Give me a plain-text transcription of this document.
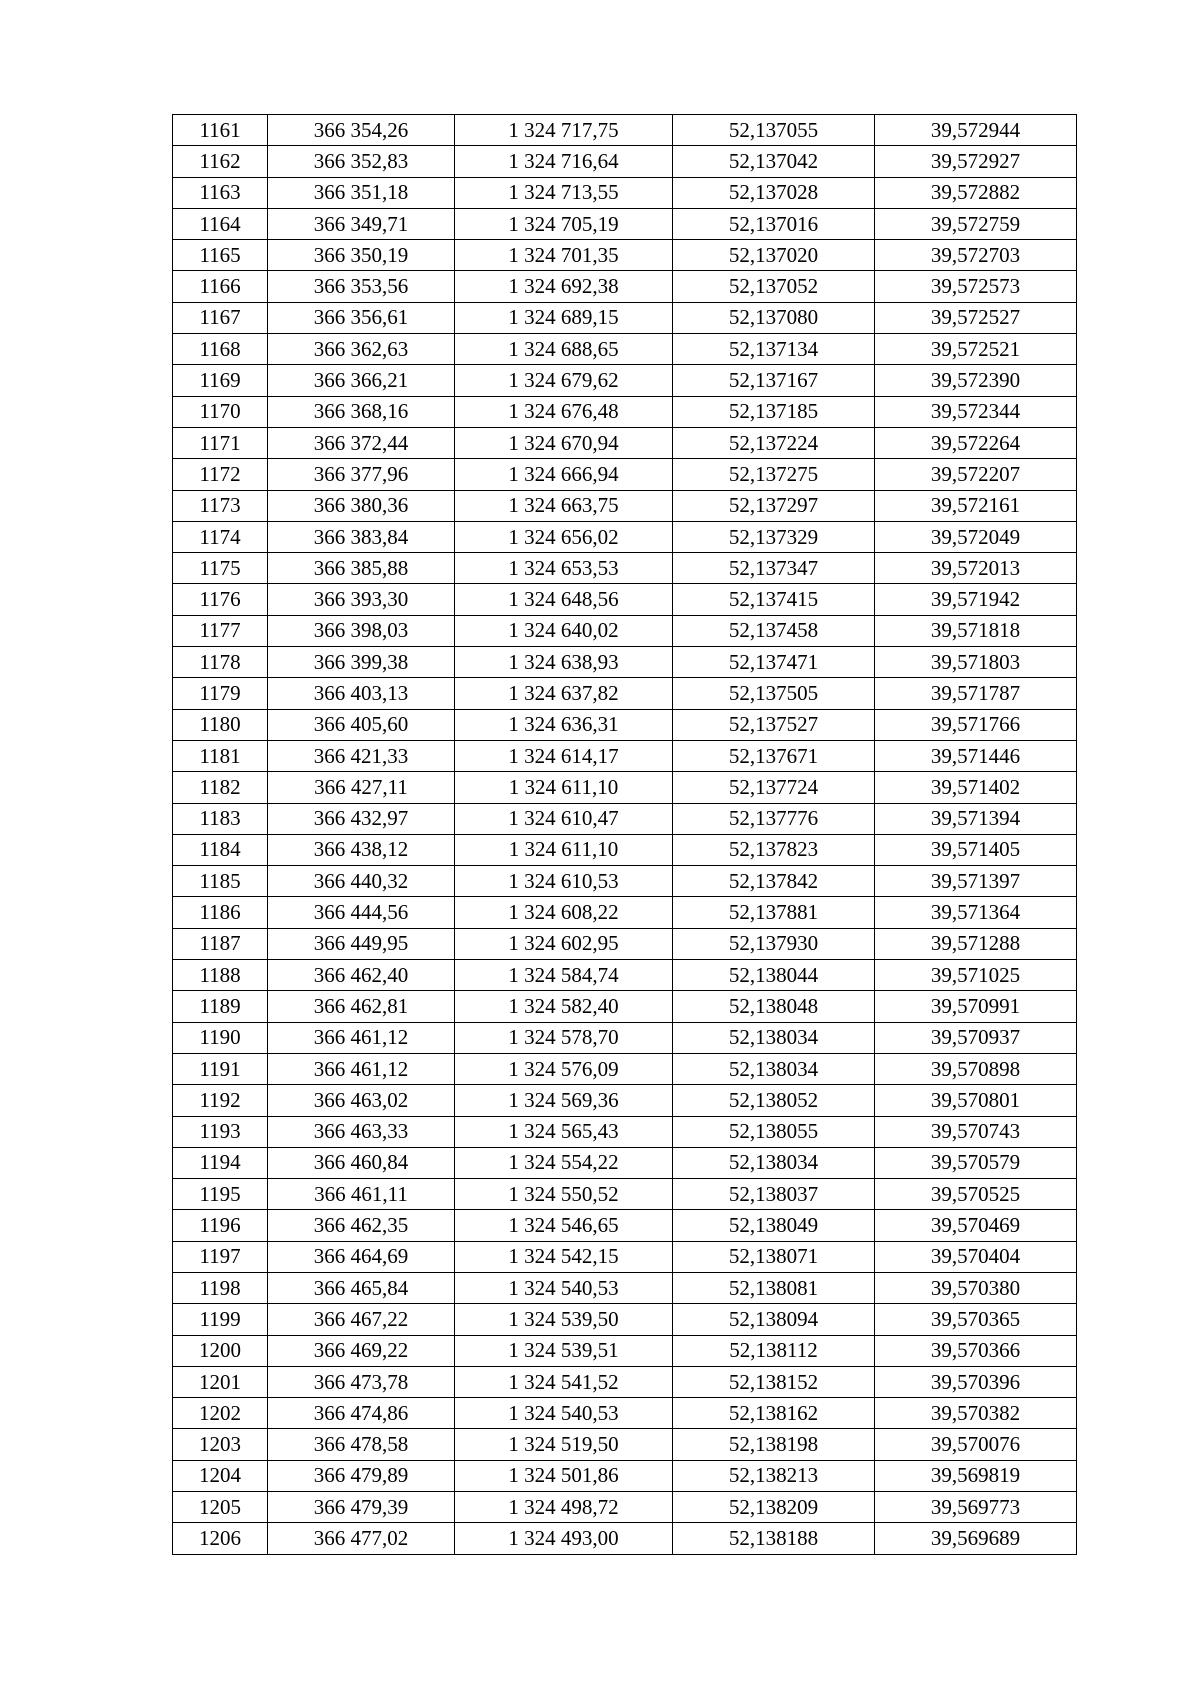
1161	366 354,26	1 324 717,75	52,137055	39,572944
1162	366 352,83	1 324 716,64	52,137042	39,572927
1163	366 351,18	1 324 713,55	52,137028	39,572882
1164	366 349,71	1 324 705,19	52,137016	39,572759
1165	366 350,19	1 324 701,35	52,137020	39,572703
1166	366 353,56	1 324 692,38	52,137052	39,572573
1167	366 356,61	1 324 689,15	52,137080	39,572527
1168	366 362,63	1 324 688,65	52,137134	39,572521
1169	366 366,21	1 324 679,62	52,137167	39,572390
1170	366 368,16	1 324 676,48	52,137185	39,572344
1171	366 372,44	1 324 670,94	52,137224	39,572264
1172	366 377,96	1 324 666,94	52,137275	39,572207
1173	366 380,36	1 324 663,75	52,137297	39,572161
1174	366 383,84	1 324 656,02	52,137329	39,572049
1175	366 385,88	1 324 653,53	52,137347	39,572013
1176	366 393,30	1 324 648,56	52,137415	39,571942
1177	366 398,03	1 324 640,02	52,137458	39,571818
1178	366 399,38	1 324 638,93	52,137471	39,571803
1179	366 403,13	1 324 637,82	52,137505	39,571787
1180	366 405,60	1 324 636,31	52,137527	39,571766
1181	366 421,33	1 324 614,17	52,137671	39,571446
1182	366 427,11	1 324 611,10	52,137724	39,571402
1183	366 432,97	1 324 610,47	52,137776	39,571394
1184	366 438,12	1 324 611,10	52,137823	39,571405
1185	366 440,32	1 324 610,53	52,137842	39,571397
1186	366 444,56	1 324 608,22	52,137881	39,571364
1187	366 449,95	1 324 602,95	52,137930	39,571288
1188	366 462,40	1 324 584,74	52,138044	39,571025
1189	366 462,81	1 324 582,40	52,138048	39,570991
1190	366 461,12	1 324 578,70	52,138034	39,570937
1191	366 461,12	1 324 576,09	52,138034	39,570898
1192	366 463,02	1 324 569,36	52,138052	39,570801
1193	366 463,33	1 324 565,43	52,138055	39,570743
1194	366 460,84	1 324 554,22	52,138034	39,570579
1195	366 461,11	1 324 550,52	52,138037	39,570525
1196	366 462,35	1 324 546,65	52,138049	39,570469
1197	366 464,69	1 324 542,15	52,138071	39,570404
1198	366 465,84	1 324 540,53	52,138081	39,570380
1199	366 467,22	1 324 539,50	52,138094	39,570365
1200	366 469,22	1 324 539,51	52,138112	39,570366
1201	366 473,78	1 324 541,52	52,138152	39,570396
1202	366 474,86	1 324 540,53	52,138162	39,570382
1203	366 478,58	1 324 519,50	52,138198	39,570076
1204	366 479,89	1 324 501,86	52,138213	39,569819
1205	366 479,39	1 324 498,72	52,138209	39,569773
1206	366 477,02	1 324 493,00	52,138188	39,569689
